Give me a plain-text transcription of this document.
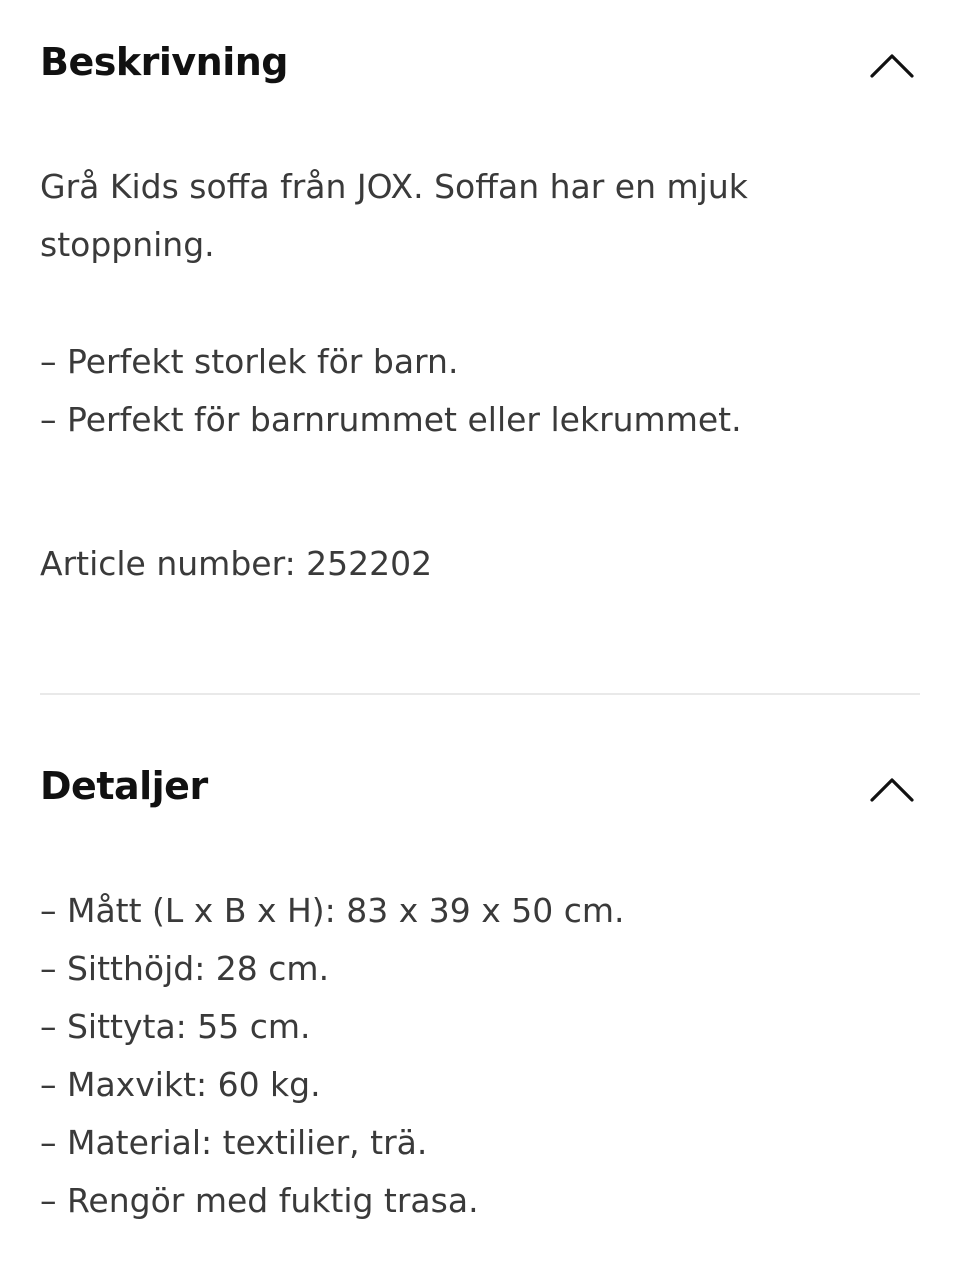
Beskrivning
Grå Kids soffa från JOX. Soffan har en mjuk
stoppning.
– Perfekt storlek för barn.
– Perfekt för barnrummet eller lekrummet.
Article number: 252202
Detaljer
– Mått (L x B x H): 83 x 39 x 50 cm.
– Sitthöjd: 28 cm.
– Sittyta: 55 cm.
– Maxvikt: 60 kg.
– Material: textilier, trä.
– Rengör med fuktig trasa.
